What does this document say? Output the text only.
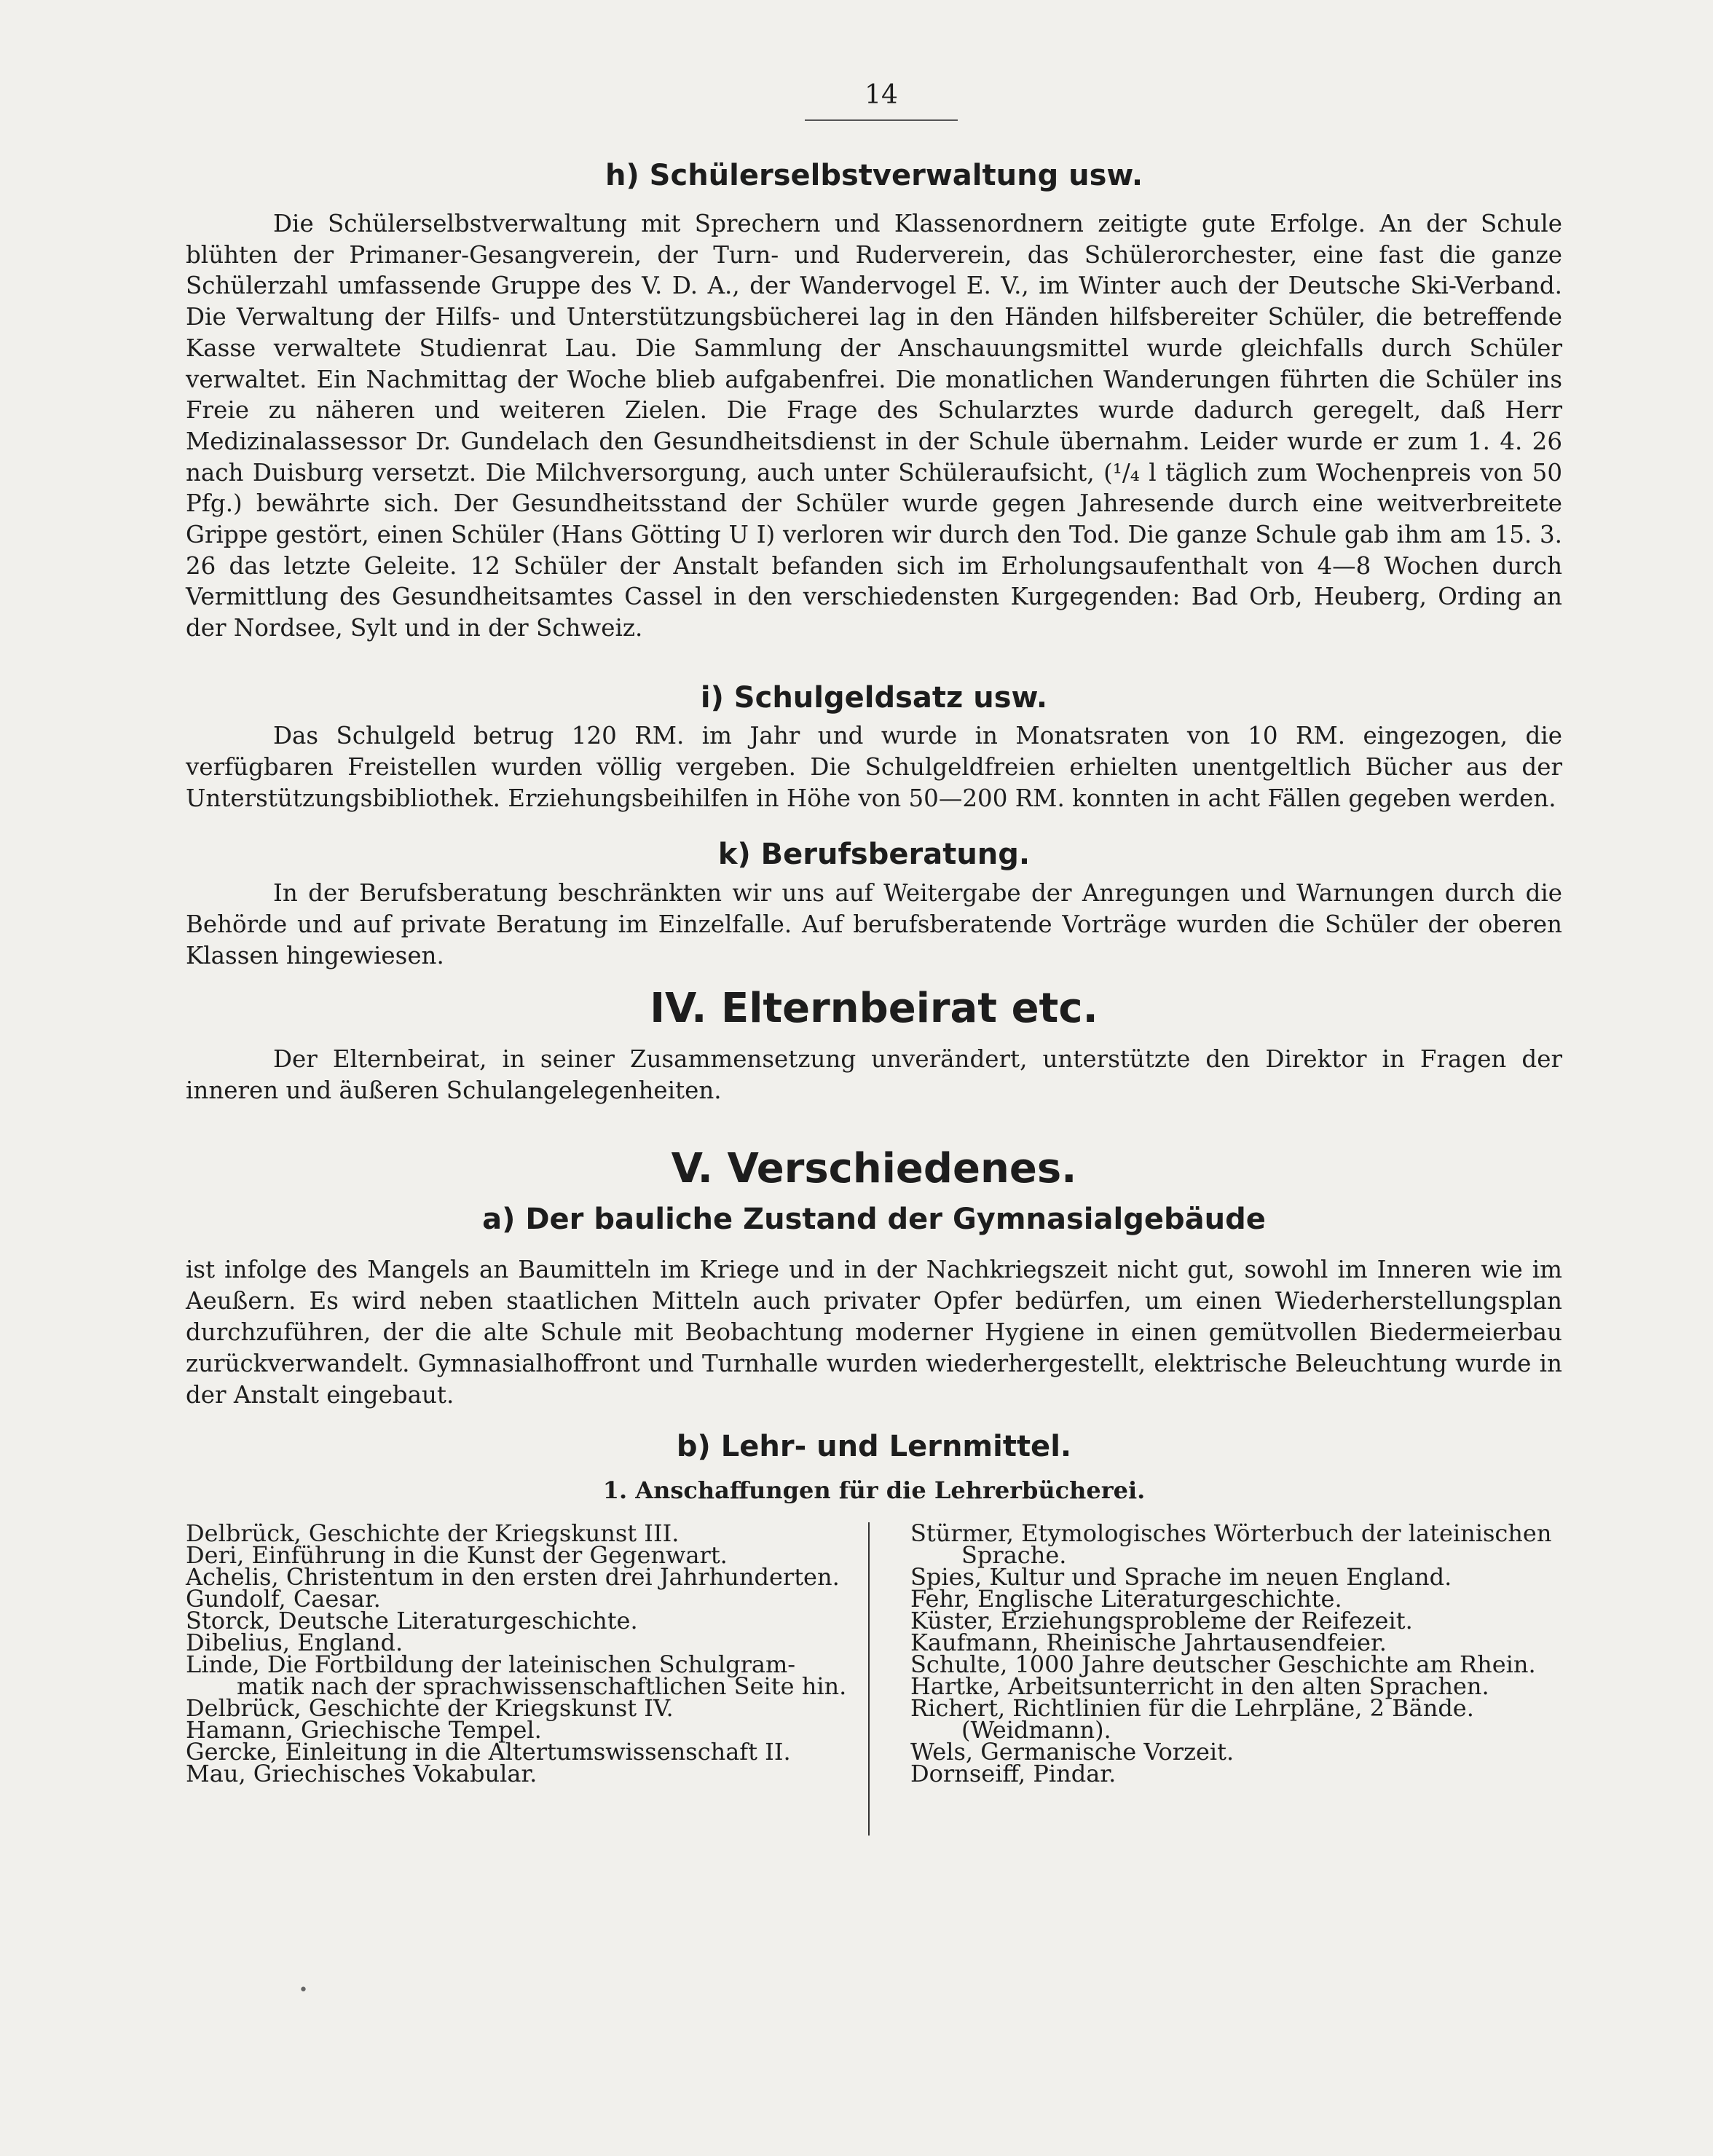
14
h) Schülerselbstverwaltung usw.
Die Schülerselbstverwaltung mit Sprechern und Klassenordnern zeitigte gute Erfolge. An der Schule blühten der Primaner-Gesangverein, der Turn- und Ruderverein, das Schülerorchester, eine fast die ganze Schülerzahl umfassende Gruppe des V. D. A., der Wandervogel E. V., im Winter auch der Deutsche Ski-Verband. Die Verwaltung der Hilfs- und Unterstützungsbücherei lag in den Händen hilfsbereiter Schüler, die betreffende Kasse verwaltete Studienrat Lau. Die Sammlung der Anschauungsmittel wurde gleichfalls durch Schüler verwaltet. Ein Nachmittag der Woche blieb aufgabenfrei. Die monatlichen Wanderungen führten die Schüler ins Freie zu näheren und weiteren Zielen. Die Frage des Schularztes wurde dadurch geregelt, daß Herr Medizinalassessor Dr. Gundelach den Gesundheitsdienst in der Schule übernahm. Leider wurde er zum 1. 4. 26 nach Duisburg versetzt. Die Milchversorgung, auch unter Schüleraufsicht, (¹/₄ l täglich zum Wochenpreis von 50 Pfg.) bewährte sich. Der Gesundheitsstand der Schüler wurde gegen Jahresende durch eine weitverbreitete Grippe gestört, einen Schüler (Hans Götting U I) verloren wir durch den Tod. Die ganze Schule gab ihm am 15. 3. 26 das letzte Geleite. 12 Schüler der Anstalt befanden sich im Erholungsaufenthalt von 4—8 Wochen durch Vermittlung des Gesundheitsamtes Cassel in den verschiedensten Kurgegenden: Bad Orb, Heuberg, Ording an der Nordsee, Sylt und in der Schweiz.
i) Schulgeldsatz usw.
Das Schulgeld betrug 120 RM. im Jahr und wurde in Monatsraten von 10 RM. eingezogen, die verfügbaren Freistellen wurden völlig vergeben. Die Schulgeldfreien erhielten unentgeltlich Bücher aus der Unterstützungsbibliothek. Erziehungsbeihilfen in Höhe von 50—200 RM. konnten in acht Fällen gegeben werden.
k) Berufsberatung.
In der Berufsberatung beschränkten wir uns auf Weitergabe der Anregungen und Warnungen durch die Behörde und auf private Beratung im Einzelfalle. Auf berufsberatende Vorträge wurden die Schüler der oberen Klassen hingewiesen.
IV. Elternbeirat etc.
Der Elternbeirat, in seiner Zusammensetzung unverändert, unterstützte den Direktor in Fragen der inneren und äußeren Schulangelegenheiten.
V. Verschiedenes.
a) Der bauliche Zustand der Gymnasialgebäude
ist infolge des Mangels an Baumitteln im Kriege und in der Nachkriegszeit nicht gut, sowohl im Inneren wie im Aeußern. Es wird neben staatlichen Mitteln auch privater Opfer bedürfen, um einen Wiederherstellungsplan durchzuführen, der die alte Schule mit Beobachtung moderner Hygiene in einen gemütvollen Biedermeierbau zurückverwandelt. Gymnasialhoffront und Turnhalle wurden wiederhergestellt, elektrische Beleuchtung wurde in der Anstalt eingebaut.
b) Lehr- und Lernmittel.
1. Anschaffungen für die Lehrerbücherei.
Delbrück, Geschichte der Kriegskunst III.
Deri, Einführung in die Kunst der Gegenwart.
Achelis, Christentum in den ersten drei Jahrhunderten.
Gundolf, Caesar.
Storck, Deutsche Literaturgeschichte.
Dibelius, England.
Linde, Die Fortbildung der lateinischen Schulgram-
matik nach der sprachwissenschaftlichen Seite hin.
Delbrück, Geschichte der Kriegskunst IV.
Hamann, Griechische Tempel.
Gercke, Einleitung in die Altertumswissenschaft II.
Mau, Griechisches Vokabular.
Stürmer, Etymologisches Wörterbuch der lateinischen
Sprache.
Spies, Kultur und Sprache im neuen England.
Fehr, Englische Literaturgeschichte.
Küster, Erziehungsprobleme der Reifezeit.
Kaufmann, Rheinische Jahrtausendfeier.
Schulte, 1000 Jahre deutscher Geschichte am Rhein.
Hartke, Arbeitsunterricht in den alten Sprachen.
Richert, Richtlinien für die Lehrpläne, 2 Bände.
(Weidmann).
Wels, Germanische Vorzeit.
Dornseiff, Pindar.
•
